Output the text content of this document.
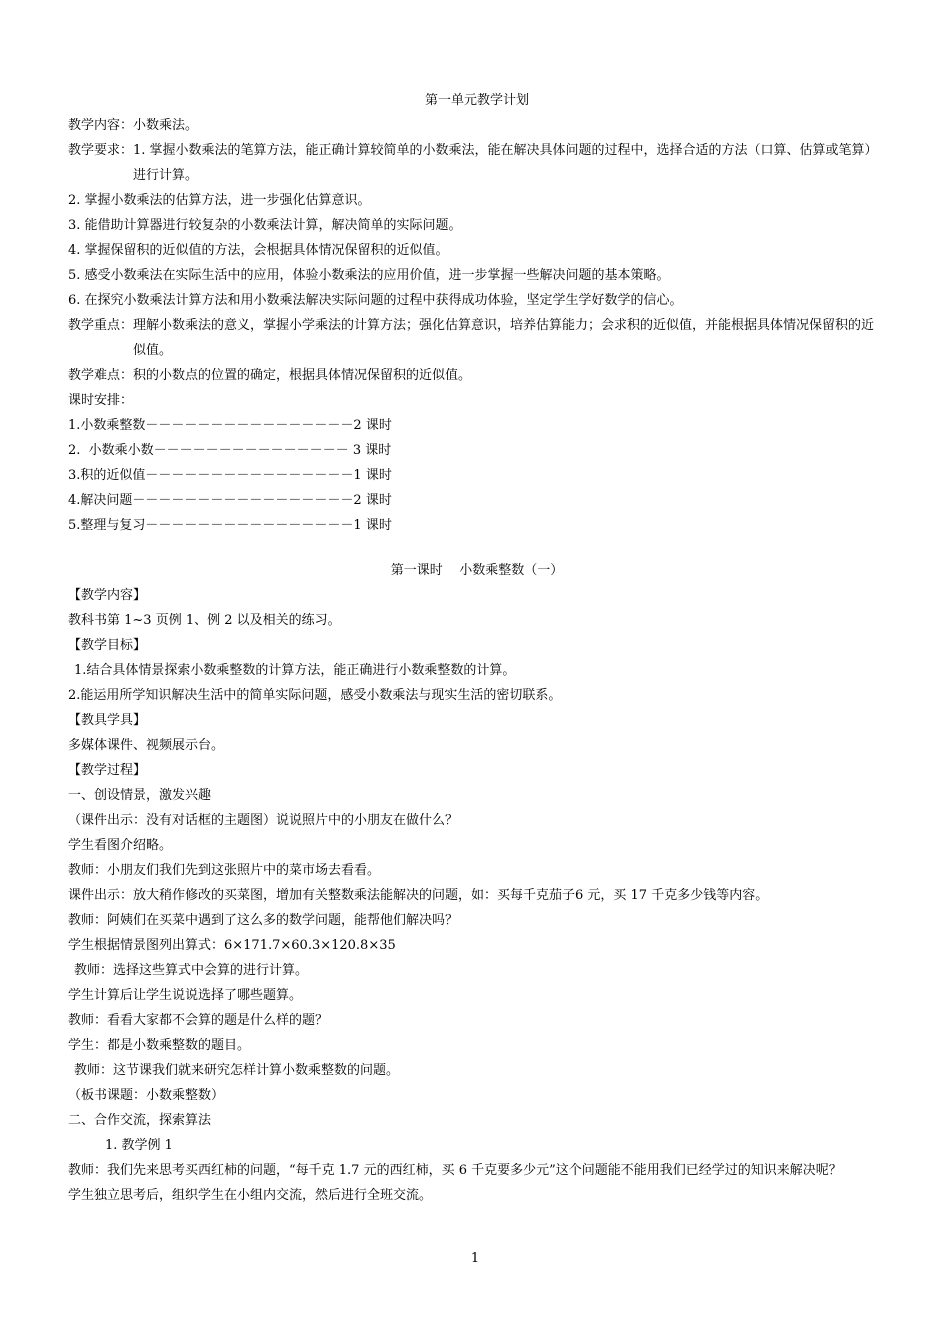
第一单元教学计划
教学内容：小数乘法。
教学要求： 1. 掌握小数乘法的笔算方法，能正确计算较简单的小数乘法，能在解决具体问题的过程中，选择合适的方法（口算、估算或笔算）进行计算。
2. 掌握小数乘法的估算方法，进一步强化估算意识。
3. 能借助计算器进行较复杂的小数乘法计算，解决简单的实际问题。
4. 掌握保留积的近似值的方法，会根据具体情况保留积的近似值。
5. 感受小数乘法在实际生活中的应用，体验小数乘法的应用价值，进一步掌握一些解决问题的基本策略。
6. 在探究小数乘法计算方法和用小数乘法解决实际问题的过程中获得成功体验，坚定学生学好数学的信心。
教学重点： 理解小数乘法的意义，掌握小学乘法的计算方法；强化估算意识，培养估算能力；会求积的近似值，并能根据具体情况保留积的近似值。
教学难点：积的小数点的位置的确定，根据具体情况保留积的近似值。
课时安排：
1.小数乘整数 －－－－－－－－－－－－－－－－ 2 课时
2.  小数乘小数 －－－－－－－－－－－－－－－ 3 课时
3.积的近似值 －－－－－－－－－－－－－－－－ 1 课时
4.解决问题 －－－－－－－－－－－－－－－－－ 2 课时
5.整理与复习 －－－－－－－－－－－－－－－－ 1 课时
第一课时    小数乘整数（一）
【教学内容】
教科书第 1~3 页例 1、例 2 以及相关的练习。
【教学目标】
1.结合具体情景探索小数乘整数的计算方法，能正确进行小数乘整数的计算。
2.能运用所学知识解决生活中的简单实际问题，感受小数乘法与现实生活的密切联系。
【教具学具】
多媒体课件、视频展示台。
【教学过程】
一、创设情景，激发兴趣
（课件出示：没有对话框的主题图）说说照片中的小朋友在做什么？
学生看图介绍略。
教师：小朋友们我们先到这张照片中的菜市场去看看。
课件出示：放大稍作修改的买菜图，增加有关整数乘法能解决的问题，如：买每千克茄子6 元，买 17 千克多少钱等内容。
教师：阿姨们在买菜中遇到了这么多的数学问题，能帮他们解决吗？
学生根据情景图列出算式：6×171.7×60.3×120.8×35
教师：选择这些算式中会算的进行计算。
学生计算后让学生说说选择了哪些题算。
教师：看看大家都不会算的题是什么样的题？
学生：都是小数乘整数的题目。
教师：这节课我们就来研究怎样计算小数乘整数的问题。
（板书课题：小数乘整数）
二、合作交流，探索算法
1. 教学例 1
教师：我们先来思考买西红柿的问题，“每千克 1.7 元的西红柿，买 6 千克要多少元”这个问题能不能用我们已经学过的知识来解决呢？
学生独立思考后，组织学生在小组内交流，然后进行全班交流。
1
